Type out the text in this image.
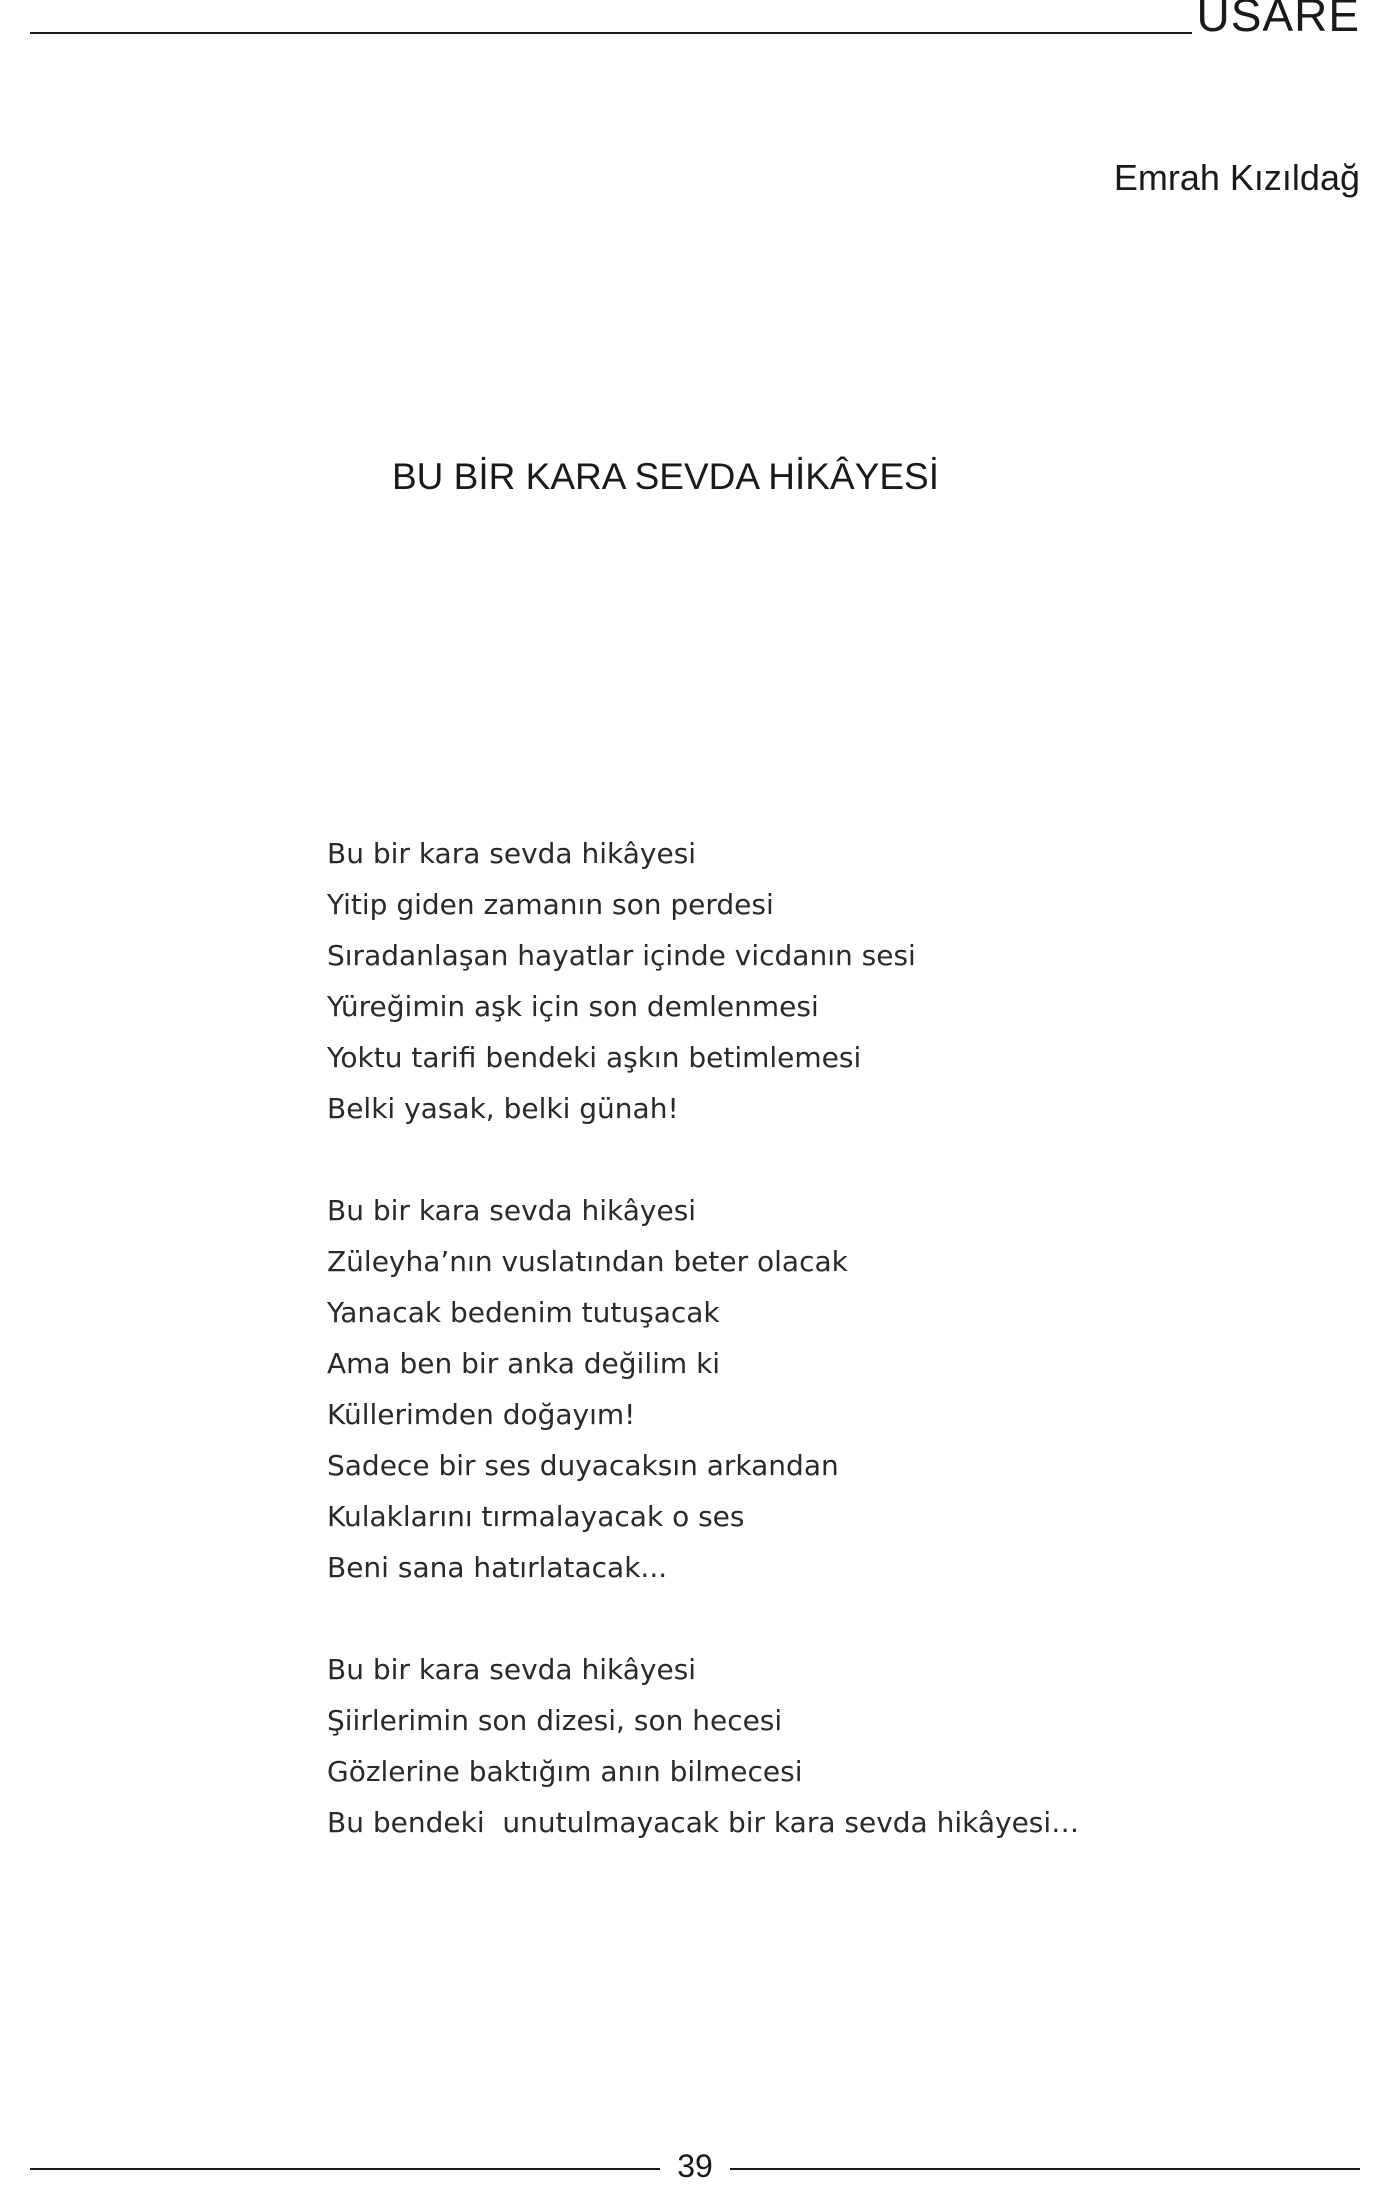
USARE
Emrah Kızıldağ
BU BİR KARA SEVDA HİKÂYESİ
Bu bir kara sevda hikâyesi
Yitip giden zamanın son perdesi
Sıradanlaşan hayatlar içinde vicdanın sesi
Yüreğimin aşk için son demlenmesi
Yoktu tarifi bendeki aşkın betimlemesi
Belki yasak, belki günah!
Bu bir kara sevda hikâyesi
Züleyha’nın vuslatından beter olacak
Yanacak bedenim tutuşacak
Ama ben bir anka değilim ki
Küllerimden doğayım!
Sadece bir ses duyacaksın arkandan
Kulaklarını tırmalayacak o ses
Beni sana hatırlatacak...
Bu bir kara sevda hikâyesi
Şiirlerimin son dizesi, son hecesi
Gözlerine baktığım anın bilmecesi
Bu bendeki  unutulmayacak bir kara sevda hikâyesi…
39
